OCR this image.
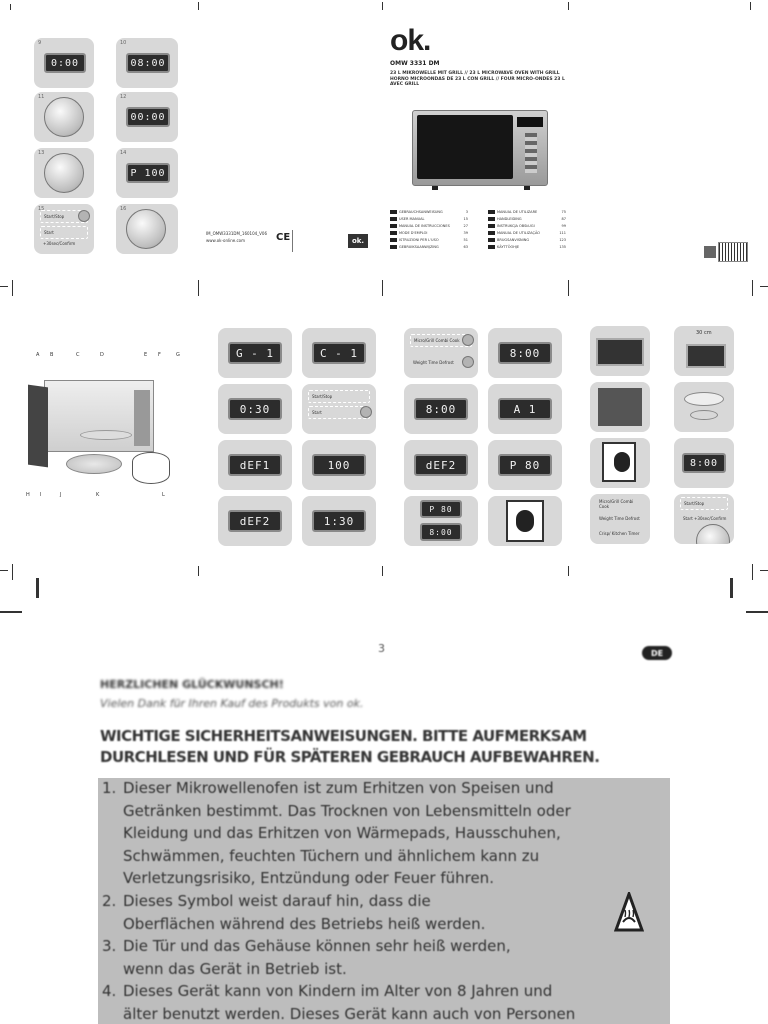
9
0:00
10
08:00
11	12
00:00
13	14
P 100
15
Start/Stop
Start
+30sec/Confirm
16
IM_OMW3331DM_160104_V06
www.ok-online.com	CE	ok.
ok.
OMW 3331 DM
23 L MIKROWELLE MIT GRILL // 23 L MICROWAVE OVEN WITH GRILL HORNO MICROONDAS DE 23 L CON GRILL // FOUR MICRO-ONDES 23 L AVEC GRILL
GEBRAUCHSANWEISUNG	3
USER MANUAL	15
MANUAL DE INSTRUCCIONES	27
MODE D'EMPLOI	39
ISTRUZIONI PER L'USO	51
GEBRUIKSAANWIJZING	63
MANUAL DE UTILIZARE	75
HANDLEIDING	87
INSTRUKCJA OBSŁUGI	99
MANUAL DE UTILIZAÇÃO	111
BRUGSANVISNING	123
KÄYTTÖOHJE	135
A B	C	D	E F	G
H I	J	K	L
G - 1	C - 1
0:30
Start/Stop
Start
dEF1	100
dEF2	1:30
Micro/Grill Combi Cook
Weight Time Defrost
8:00
8:00	A 1
dEF2	P 80
P 80
8:00
30 cm
8:00
Micro/Grill Combi Cook
Weight Time Defrost
Crisp/ Kitchen Timer
Start/Stop
Start +30sec/Confirm
3	DE
HERZLICHEN GLÜCKWUNSCH!
Vielen Dank für Ihren Kauf des Produkts von ok.
WICHTIGE SICHERHEITSANWEISUNGEN. BITTE AUFMERKSAM
DURCHLESEN UND FÜR SPÄTEREN GEBRAUCH AUFBEWAHREN.
1. Dieser Mikrowellenofen ist zum Erhitzen von Speisen und
Getränken bestimmt. Das Trocknen von Lebensmitteln oder
Kleidung und das Erhitzen von Wärmepads, Hausschuhen,
Schwämmen, feuchten Tüchern und ähnlichem kann zu
Verletzungsrisiko, Entzündung oder Feuer führen.
2. Dieses Symbol weist darauf hin, dass die
Oberflächen während des Betriebs heiß werden.
3. Die Tür und das Gehäuse können sehr heiß werden,
wenn das Gerät in Betrieb ist.
4. Dieses Gerät kann von Kindern im Alter von 8 Jahren und
älter benutzt werden. Dieses Gerät kann auch von Personen
